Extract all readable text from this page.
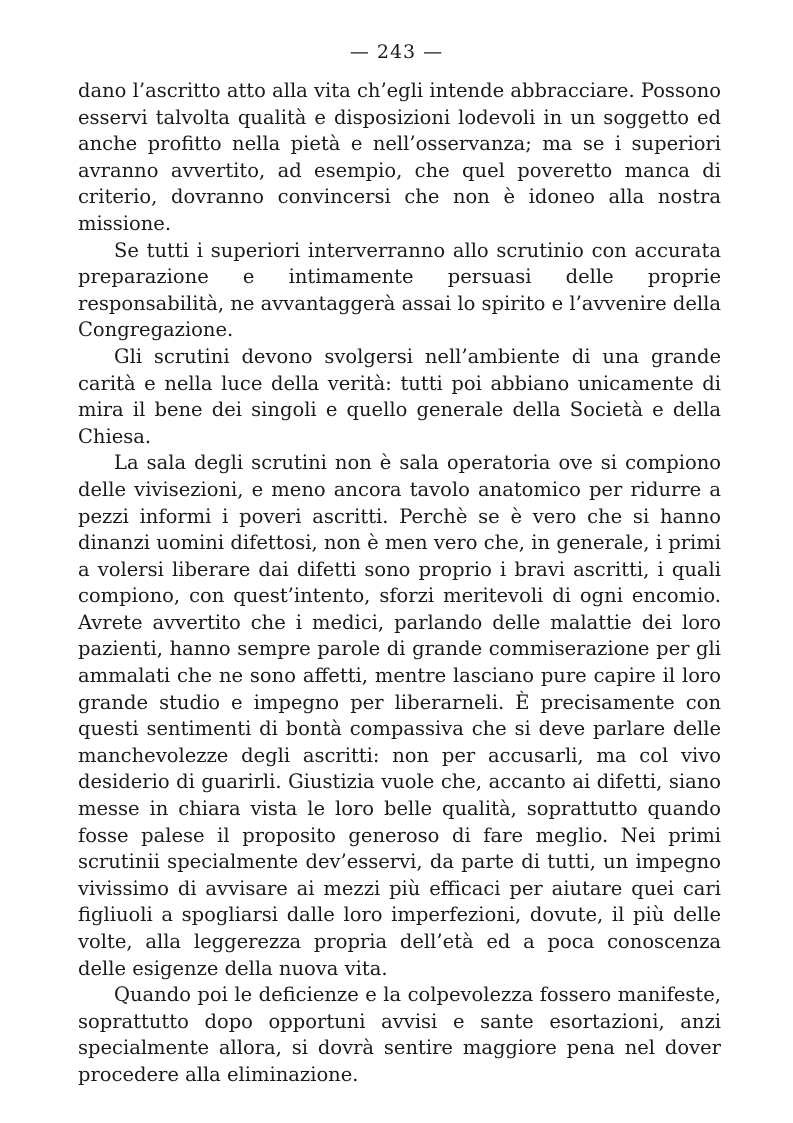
— 243 —

dano l’ascritto atto alla vita ch’egli intende abbracciare. Possono esservi talvolta qualità e disposizioni lodevoli in un soggetto ed anche profitto nella pietà e nell’osservanza; ma se i superiori avranno avvertito, ad esempio, che quel poveretto manca di criterio, dovranno convincersi che non è idoneo alla nostra missione.

Se tutti i superiori interverranno allo scrutinio con accurata preparazione e intimamente persuasi delle proprie responsabilità, ne avvantaggerà assai lo spirito e l’avvenire della Congregazione.

Gli scrutini devono svolgersi nell’ambiente di una grande carità e nella luce della verità: tutti poi abbiano unicamente di mira il bene dei singoli e quello generale della Società e della Chiesa.

La sala degli scrutini non è sala operatoria ove si compiono delle vivisezioni, e meno ancora tavolo anatomico per ridurre a pezzi informi i poveri ascritti. Perchè se è vero che si hanno dinanzi uomini difettosi, non è men vero che, in generale, i primi a volersi liberare dai difetti sono proprio i bravi ascritti, i quali compiono, con quest’intento, sforzi meritevoli di ogni encomio. Avrete avvertito che i medici, parlando delle malattie dei loro pazienti, hanno sempre parole di grande commiserazione per gli ammalati che ne sono affetti, mentre lasciano pure capire il loro grande studio e impegno per liberarneli. È precisamente con questi sentimenti di bontà compassiva che si deve parlare delle manchevolezze degli ascritti: non per accusarli, ma col vivo desiderio di guarirli. Giustizia vuole che, accanto ai difetti, siano messe in chiara vista le loro belle qualità, soprattutto quando fosse palese il proposito generoso di fare meglio. Nei primi scrutinii specialmente dev’esservi, da parte di tutti, un impegno vivissimo di avvisare ai mezzi più efficaci per aiutare quei cari figliuoli a spogliarsi dalle loro imperfezioni, dovute, il più delle volte, alla leggerezza propria dell’età ed a poca conoscenza delle esigenze della nuova vita.

Quando poi le deficienze e la colpevolezza fossero manifeste, soprattutto dopo opportuni avvisi e sante esortazioni, anzi specialmente allora, si dovrà sentire maggiore pena nel dover procedere alla eliminazione.
